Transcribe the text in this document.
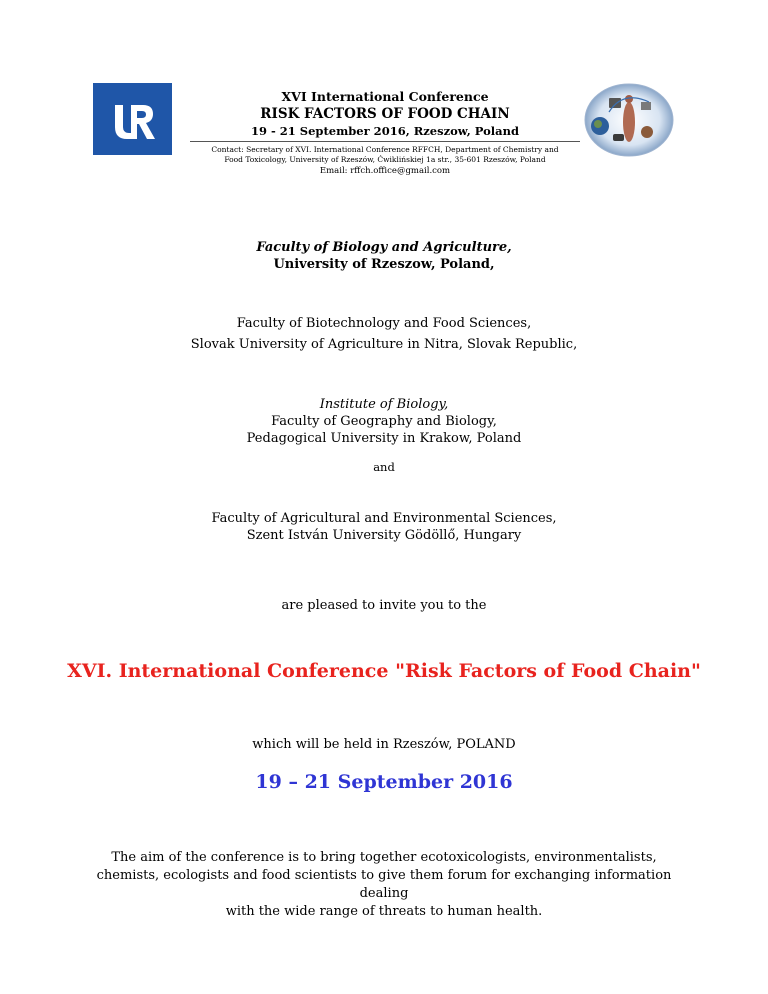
XVI International Conference
RISK FACTORS OF FOOD CHAIN
19 - 21 September 2016, Rzeszow, Poland
Contact: Secretary of XVI. International Conference RFFCH, Department of Chemistry and
Food Toxicology, University of Rzeszów, Ćwiklińskiej 1a str., 35-601 Rzeszów, Poland
Email: rffch.office@gmail.com
Faculty of Biology and Agriculture,
University of Rzeszow, Poland,
Faculty of Biotechnology and Food Sciences,
Slovak University of Agriculture in Nitra, Slovak Republic,
Institute of Biology,
Faculty of Geography and Biology,
Pedagogical University in Krakow, Poland
and
Faculty of Agricultural and Environmental Sciences,
Szent István University Gödöllő, Hungary
are pleased to invite you to the
XVI. International Conference "Risk Factors of Food Chain"
which will be held in Rzeszów, POLAND
19 – 21 September 2016
The aim of the conference is to bring together ecotoxicologists, environmentalists,
chemists, ecologists and food scientists to give them forum for exchanging information dealing
with the wide range of threats to human health.
